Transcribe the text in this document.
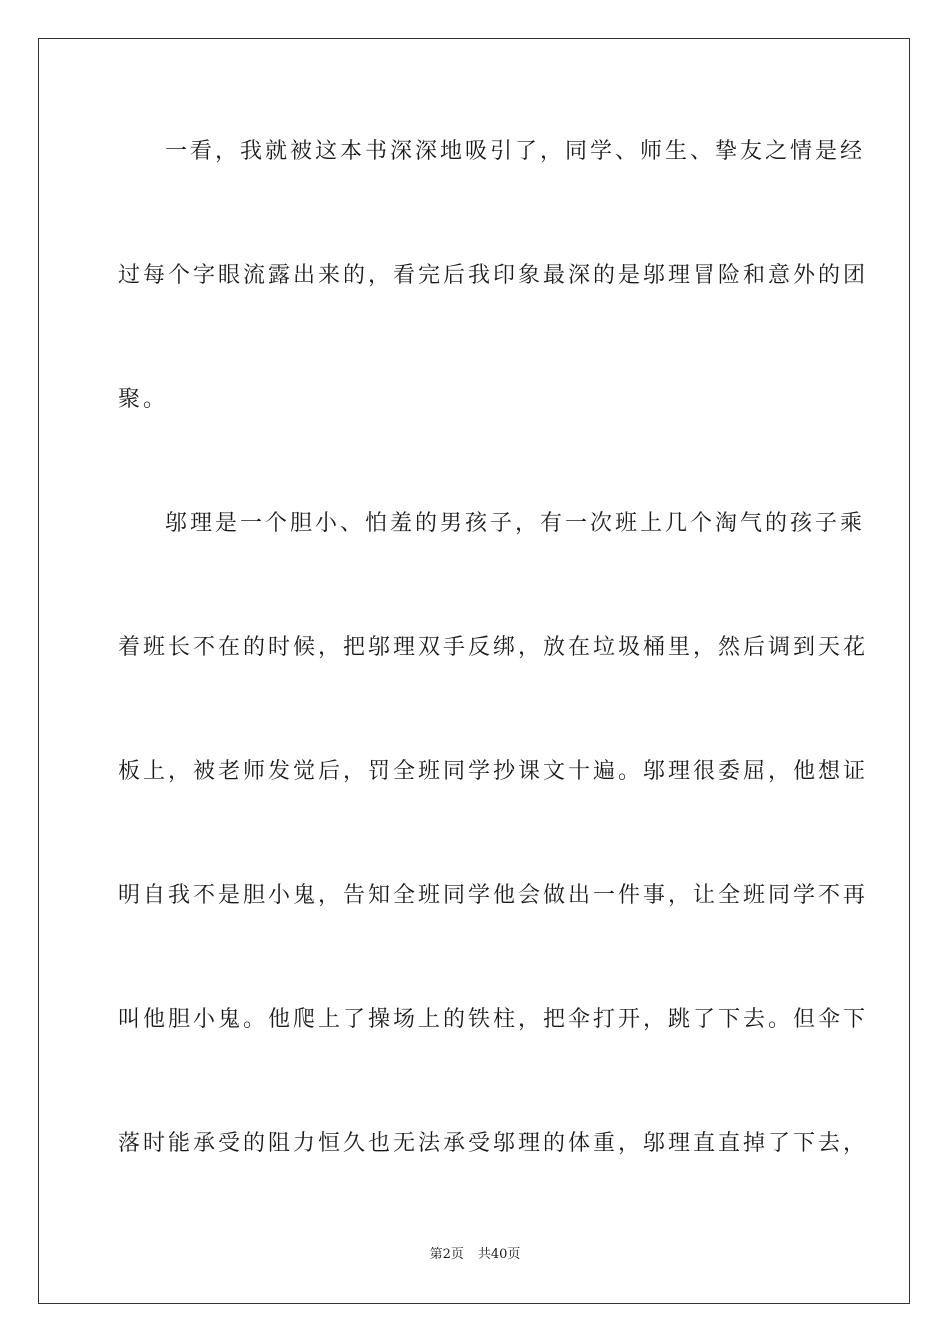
一看，我就被这本书深深地吸引了，同学、师生、挚友之情是经
过每个字眼流露出来的，看完后我印象最深的是邬理冒险和意外的团
聚。
邬理是一个胆小、怕羞的男孩子，有一次班上几个淘气的孩子乘
着班长不在的时候，把邬理双手反绑，放在垃圾桶里，然后调到天花
板上，被老师发觉后，罚全班同学抄课文十遍。邬理很委屈，他想证
明自我不是胆小鬼，告知全班同学他会做出一件事，让全班同学不再
叫他胆小鬼。他爬上了操场上的铁柱，把伞打开，跳了下去。但伞下
落时能承受的阻力恒久也无法承受邬理的体重，邬理直直掉了下去，
第2页 共40页
